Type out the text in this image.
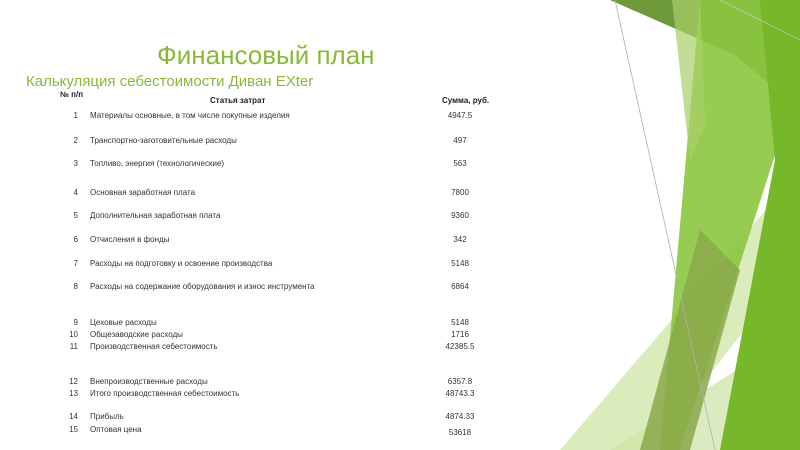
Финансовый план
Калькуляция себестоимости Диван EXter
№ п/п
Статья затрат	Сумма, руб.
1 Материалы основные, в том числе покупные изделия	4947.5
2 Транспортно-заготовительные расходы	497
3 Топливо, энергия (технологические)	563
4 Основная заработная плата	7800
5 Дополнительная заработная плата	9360
6 Отчисления в фонды	342
7 Расходы на подготовку и освоение производства	5148
8 Расходы на содержание оборудования и износ инструмента	6864
9 Цеховые расходы	5148
10 Общезаводские расходы	1716
11 Производственная себестоимость	42385.5
12 Внепроизводственные расходы	6357.8
13 Итого производственная себестоимость	48743.3
14 Прибыль	4874.33
15 Оптовая цена	53618
